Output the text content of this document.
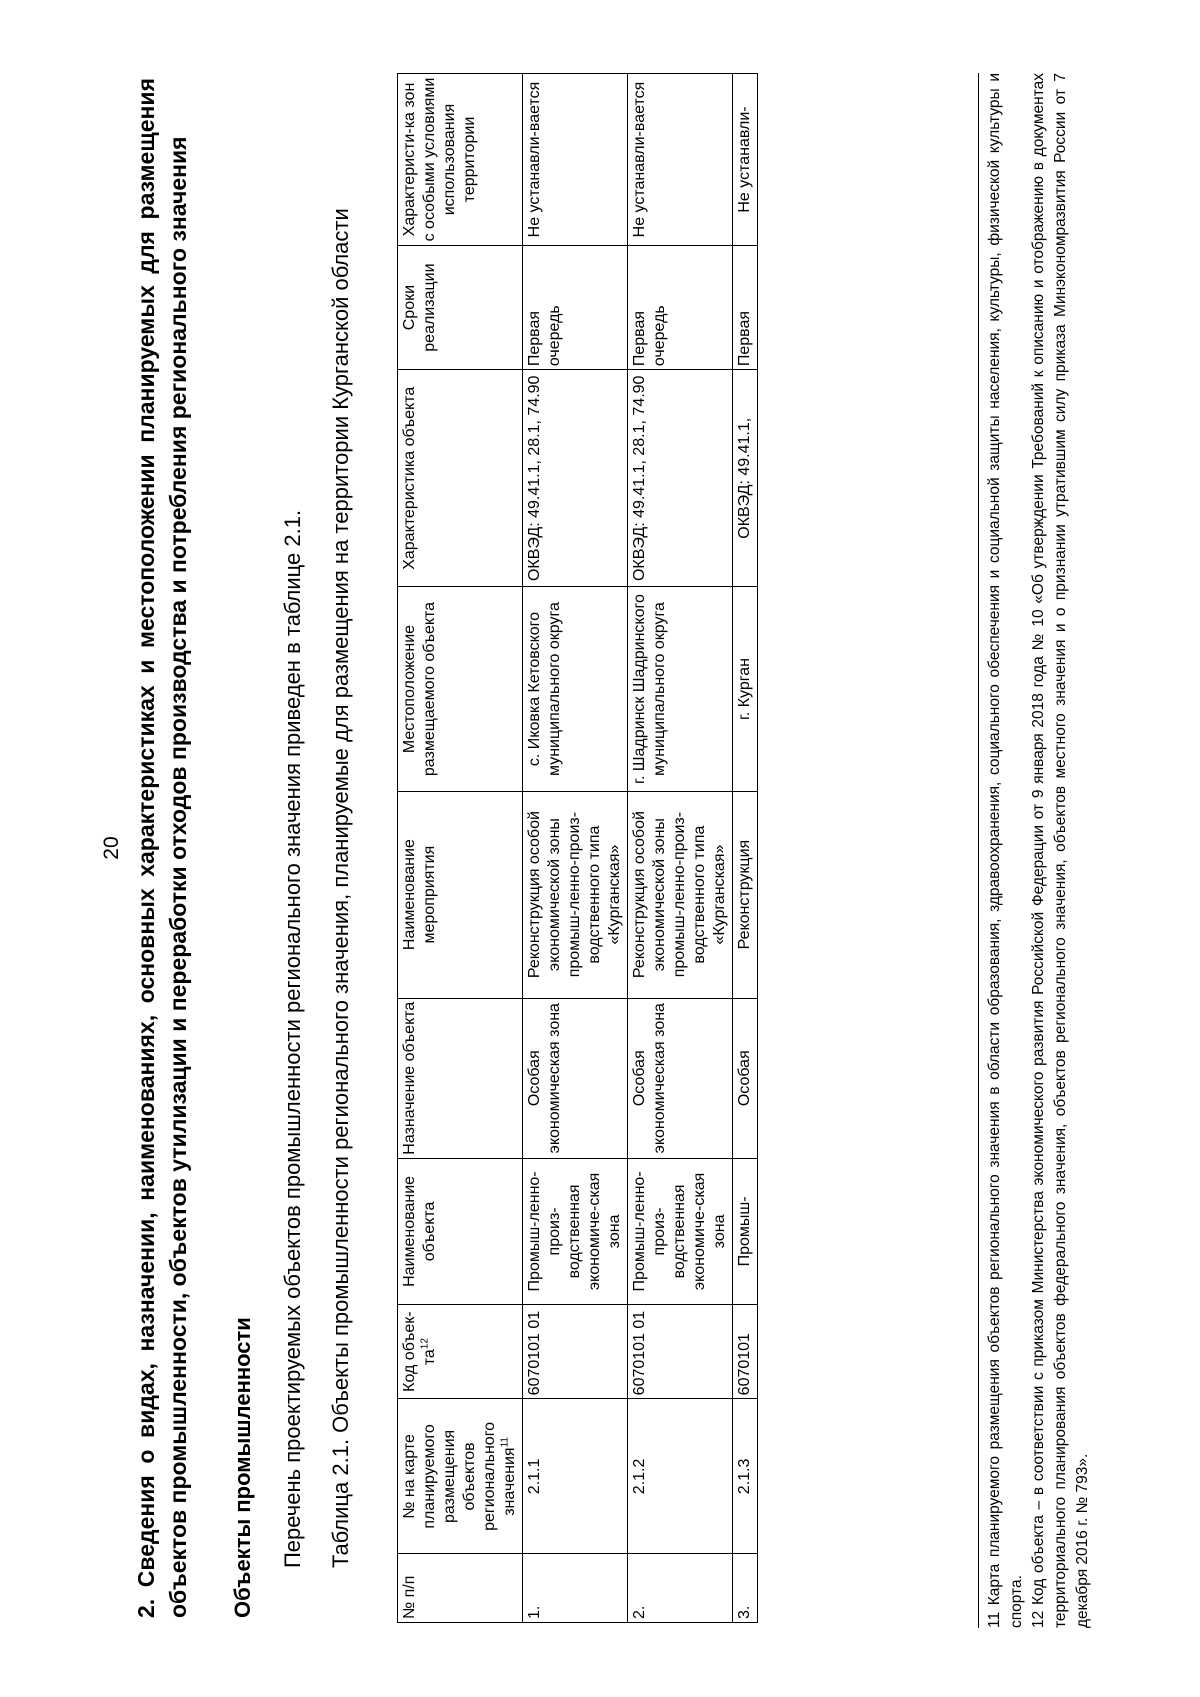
20 2. Сведения о видах, назначении, наименованиях, основных характеристиках и местоположении планируемых для размещения объектов промышленности, объектов утилизации и переработки отходов производства и потребления регионального значения Объекты промышленности Перечень проектируемых объектов промышленности регионального значения приведен в таблице 2.1. Таблица 2.1. Объекты промышленности регионального значения, планируемые для размещения на территории Курганской области
№ п/п	№ на карте планируемого размещения объектов регионального значения$^{11}$	Код объек-$та^{12}$	Наименование объекта	Назначение объекта	Наименование мероприятия	Местоположение размещаемого объекта	Характеристика объекта	Сроки реализации	Характеристи-ка зон с особыми условиями использования территории
1.	2.1.1	6070101 01	Промыш-ленно-произ-водственная экономиче-ская зона	Особая экономическая зона	Реконструкция особой экономической зоны промыш-ленно-произ-водственного типа «Курганская»	с. Иковка Кетовского муниципального округа	ОКВЭД: 49.41.1, 28.1, 74.90	Первая очередь	Не устанавли-вается
2.	2.1.2	6070101 01	Промыш-ленно-произ-водственная экономиче-ская зона	Особая экономическая зона	Реконструкция особой экономической зоны промыш-ленно-произ-водственного типа «Курганская»	г. Шадринск Шадринского муниципального округа	ОКВЭД: 49.41.1, 28.1, 74.90	Первая очередь	Не устанавли-вается
3.	2.1.3	6070101	Промыш-	Особая	Реконструкция	г. Курган	ОКВЭД: 49.41.1,	Первая	Не устанавли-	11 Карта планируемого размещения объектов регионального значения в области образования, здравоохранения, социального обеспечения и социальной защиты населения, культуры, физической культуры и спорта. 12 Код объекта – в соответствии с приказом Министерства экономического развития Российской Федерации от 9 января 2018 года № 10 «Об утверждении Требований к описанию и отображению в документах территориального планирования объектов федерального значения, объектов регионального значения, объектов местного значения и о признании утратившим силу приказа Минэкономразвития России от 7 декабря 2016 г. № 793».
